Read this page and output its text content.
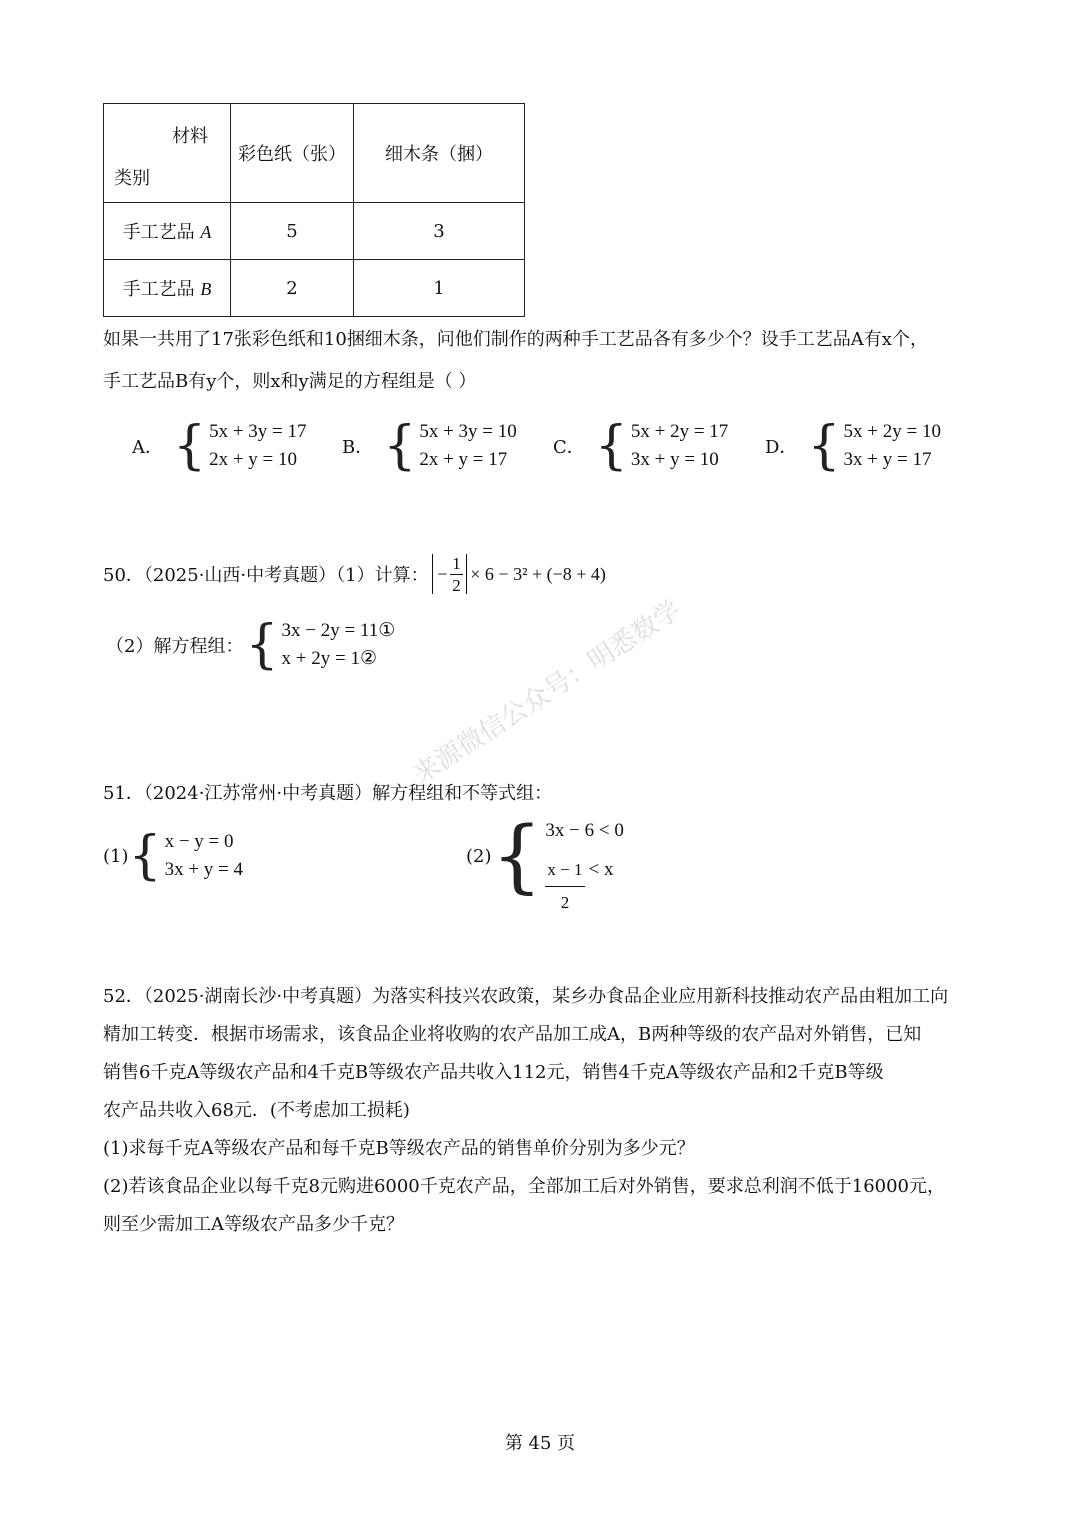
材料
类别	彩色纸（张）	细木条（捆）
手工艺品 A	5	3
手工艺品 B	2	1
如果一共用了17张彩色纸和10捆细木条，问他们制作的两种手工艺品各有多少个？设手工艺品A有x个，
手工艺品B有y个，则x和y满足的方程组是（ ）
A． { 5x + 3y = 17
2x + y = 10
B． { 5x + 3y = 10
2x + y = 17
C． { 5x + 2y = 17
3x + y = 10
D． { 5x + 2y = 10
3x + y = 17
50．（2025·山西·中考真题）（1）计算： − $\frac{1}{2} \times 6 - 3^2 + (-8 + 4)$
（2）解方程组： { 3x − 2y = 11①
x + 2y = 1②	来源微信公众号：明悉数学
51．（2024·江苏常州·中考真题）解方程组和不等式组：
(1) { x − y = 0
3x + y = 4
(2) { 3x − 6 < 0
$\frac{x - 1}{2} < x$
52．（2025·湖南长沙·中考真题）为落实科技兴农政策，某乡办食品企业应用新科技推动农产品由粗加工向
精加工转变．根据市场需求，该食品企业将收购的农产品加工成A，B两种等级的农产品对外销售，已知
销售6千克A等级农产品和4千克B等级农产品共收入112元，销售4千克A等级农产品和2千克B等级
农产品共收入68元．(不考虑加工损耗)
(1)求每千克A等级农产品和每千克B等级农产品的销售单价分别为多少元？
(2)若该食品企业以每千克8元购进6000千克农产品，全部加工后对外销售，要求总利润不低于16000元，
则至少需加工A等级农产品多少千克？
第 45 页
